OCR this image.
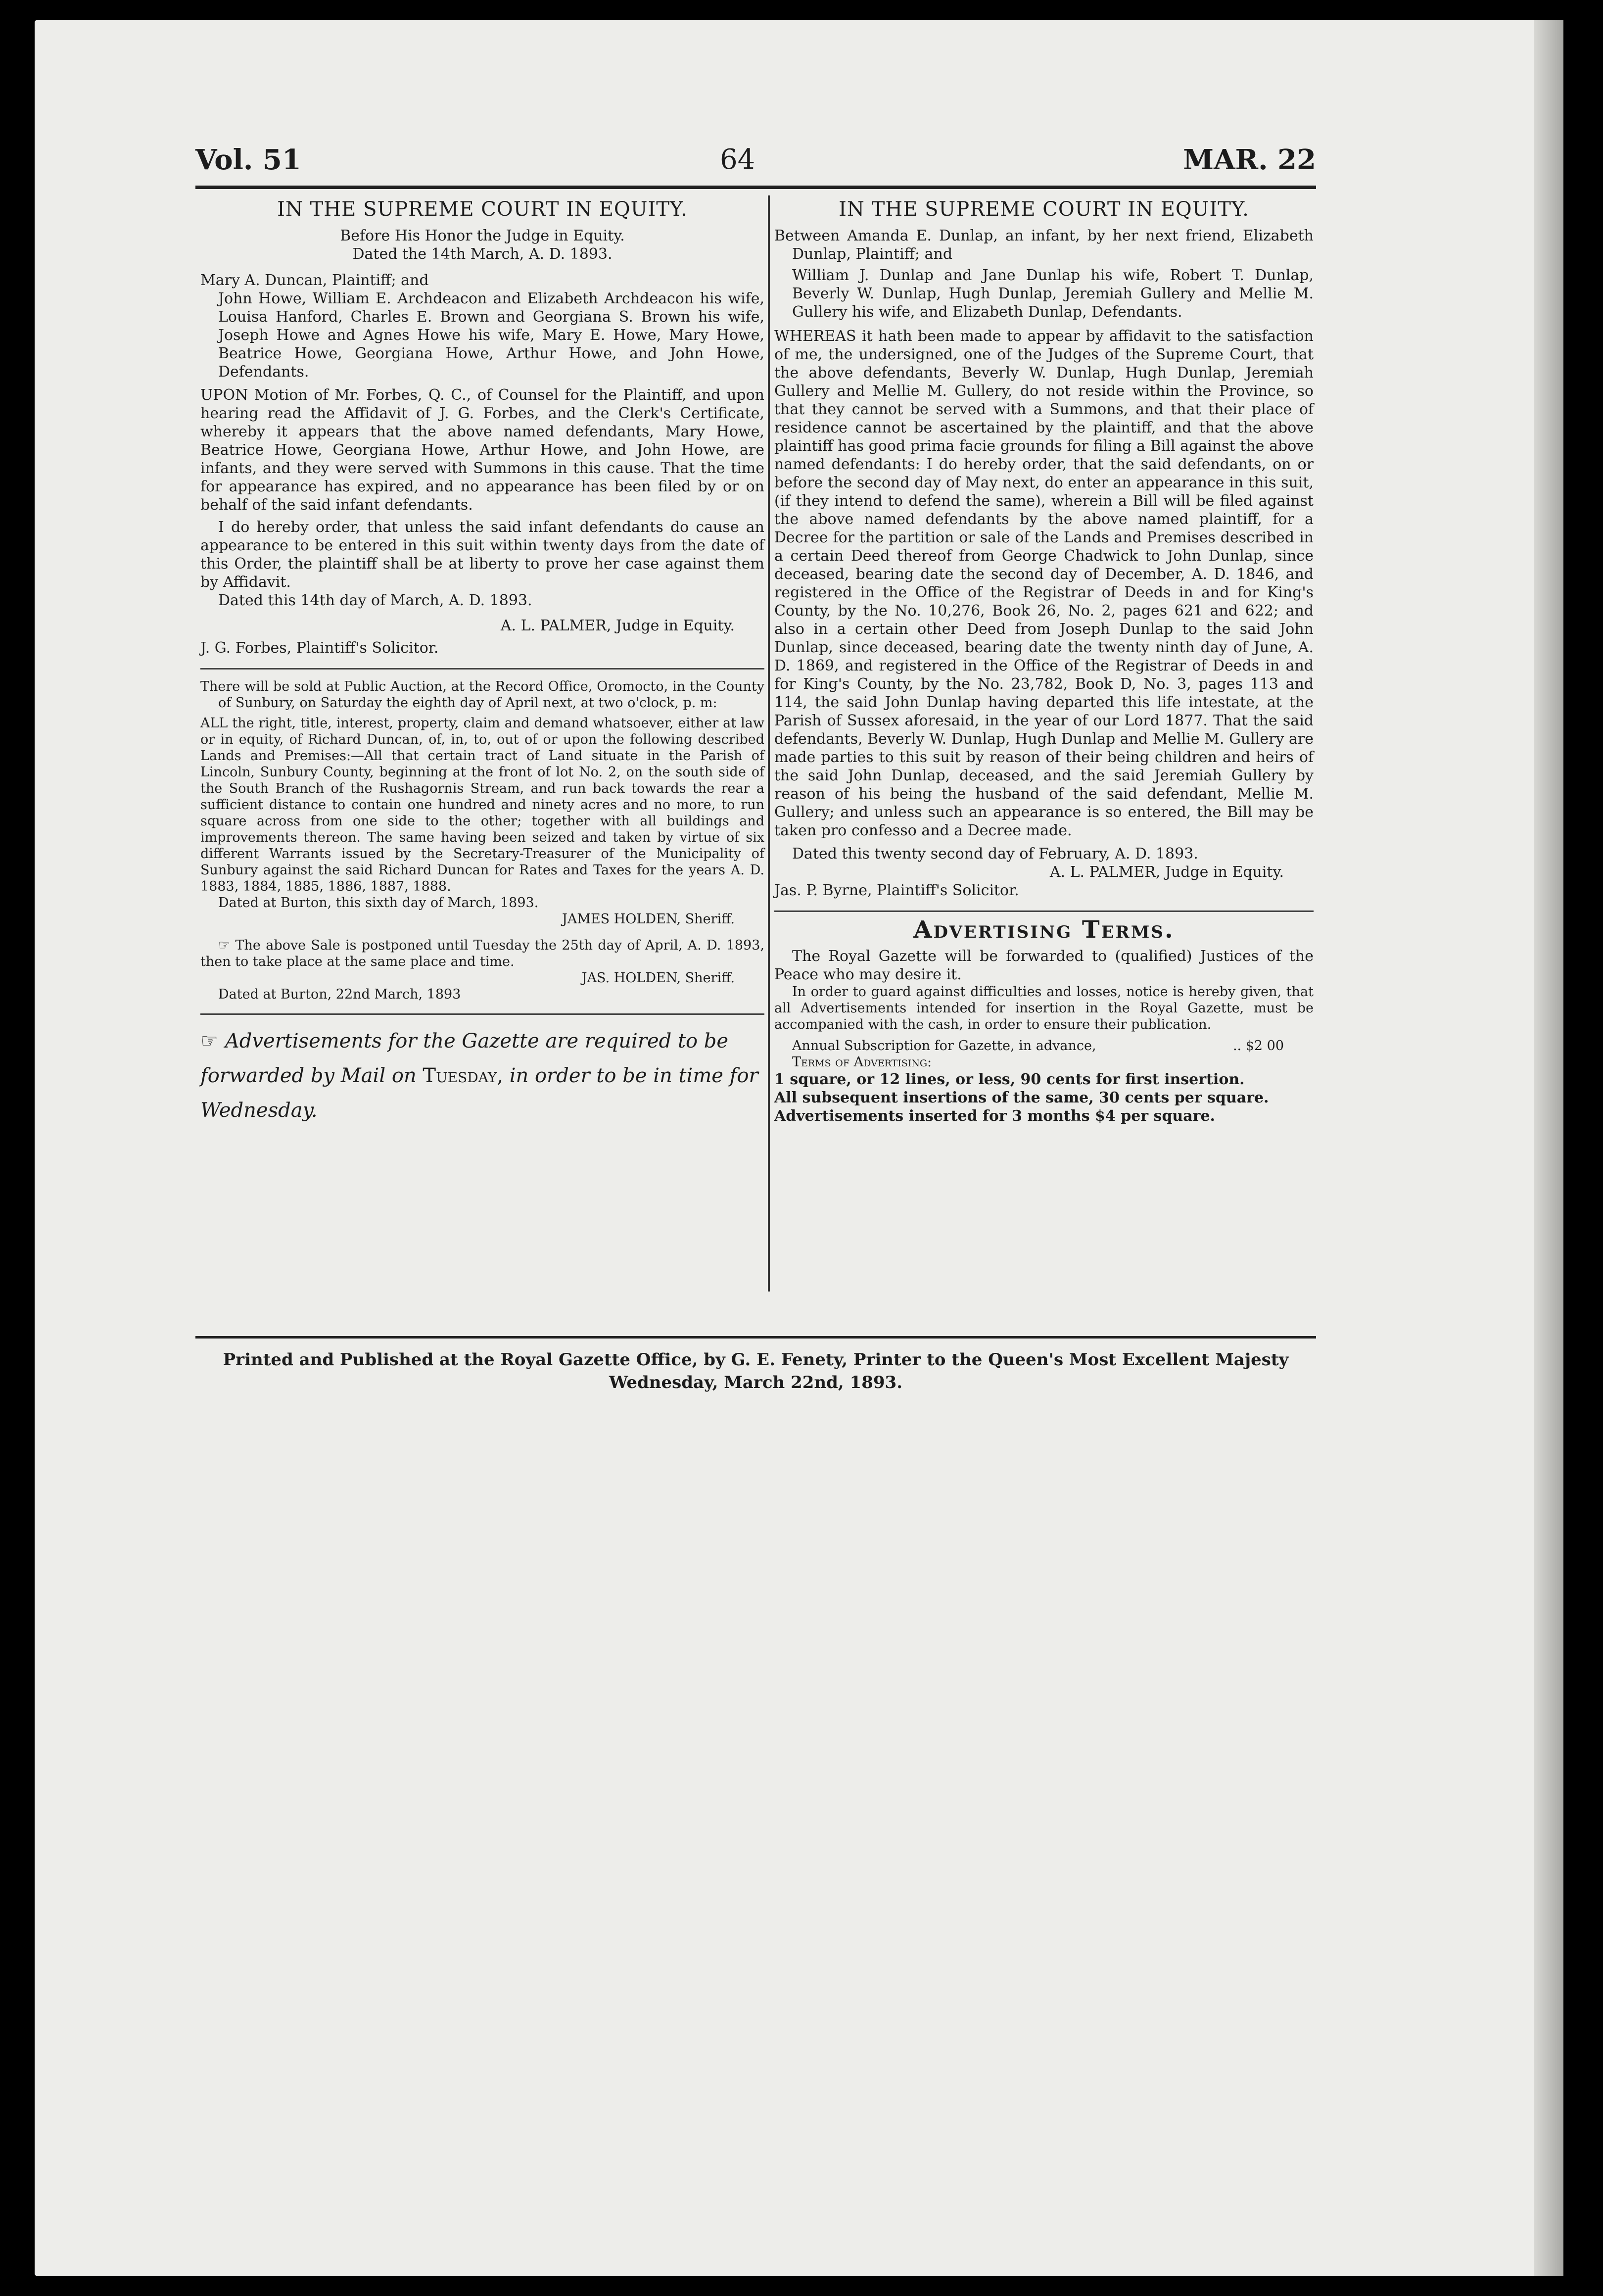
Vol. 51	64	MAR. 22

IN THE SUPREME COURT IN EQUITY.

Before His Honor the Judge in Equity.

Dated the 14th March, A. D. 1893.

Mary A. Duncan, Plaintiff; and

John Howe, William E. Archdeacon and Elizabeth Archdeacon his wife, Louisa Hanford, Charles E. Brown and Georgiana S. Brown his wife, Joseph Howe and Agnes Howe his wife, Mary E. Howe, Mary Howe, Beatrice Howe, Georgiana Howe, Arthur Howe, and John Howe, Defendants.

UPON Motion of Mr. Forbes, Q. C., of Counsel for the Plaintiff, and upon hearing read the Affidavit of J. G. Forbes, and the Clerk's Certificate, whereby it appears that the above named defendants, Mary Howe, Beatrice Howe, Georgiana Howe, Arthur Howe, and John Howe, are infants, and they were served with Summons in this cause. That the time for appearance has expired, and no appearance has been filed by or on behalf of the said infant defendants.

I do hereby order, that unless the said infant defendants do cause an appearance to be entered in this suit within twenty days from the date of this Order, the plaintiff shall be at liberty to prove her case against them by Affidavit.

Dated this 14th day of March, A. D. 1893.

A. L. PALMER, Judge in Equity.

J. G. Forbes, Plaintiff's Solicitor.

There will be sold at Public Auction, at the Record Office, Oromocto, in the County of Sunbury, on Saturday the eighth day of April next, at two o'clock, p. m:

ALL the right, title, interest, property, claim and demand whatsoever, either at law or in equity, of Richard Duncan, of, in, to, out of or upon the following described Lands and Premises:—All that certain tract of Land situate in the Parish of Lincoln, Sunbury County, beginning at the front of lot No. 2, on the south side of the South Branch of the Rushagornis Stream, and run back towards the rear a sufficient distance to contain one hundred and ninety acres and no more, to run square across from one side to the other; together with all buildings and improvements thereon. The same having been seized and taken by virtue of six different Warrants issued by the Secretary-Treasurer of the Municipality of Sunbury against the said Richard Duncan for Rates and Taxes for the years A. D. 1883, 1884, 1885, 1886, 1887, 1888.

Dated at Burton, this sixth day of March, 1893.

JAMES HOLDEN, Sheriff.

☞ The above Sale is postponed until Tuesday the 25th day of April, A. D. 1893, then to take place at the same place and time.

JAS. HOLDEN, Sheriff.

Dated at Burton, 22nd March, 1893

☞ Advertisements for the Gazette are required to be forwarded by Mail on Tuesday, in order to be in time for Wednesday.

IN THE SUPREME COURT IN EQUITY.

Between Amanda E. Dunlap, an infant, by her next friend, Elizabeth Dunlap, Plaintiff; and

William J. Dunlap and Jane Dunlap his wife, Robert T. Dunlap, Beverly W. Dunlap, Hugh Dunlap, Jeremiah Gullery and Mellie M. Gullery his wife, and Elizabeth Dunlap, Defendants.

WHEREAS it hath been made to appear by affidavit to the satisfaction of me, the undersigned, one of the Judges of the Supreme Court, that the above defendants, Beverly W. Dunlap, Hugh Dunlap, Jeremiah Gullery and Mellie M. Gullery, do not reside within the Province, so that they cannot be served with a Summons, and that their place of residence cannot be ascertained by the plaintiff, and that the above plaintiff has good prima facie grounds for filing a Bill against the above named defendants: I do hereby order, that the said defendants, on or before the second day of May next, do enter an appearance in this suit, (if they intend to defend the same), wherein a Bill will be filed against the above named defendants by the above named plaintiff, for a Decree for the partition or sale of the Lands and Premises described in a certain Deed thereof from George Chadwick to John Dunlap, since deceased, bearing date the second day of December, A. D. 1846, and registered in the Office of the Registrar of Deeds in and for King's County, by the No. 10,276, Book 26, No. 2, pages 621 and 622; and also in a certain other Deed from Joseph Dunlap to the said John Dunlap, since deceased, bearing date the twenty ninth day of June, A. D. 1869, and registered in the Office of the Registrar of Deeds in and for King's County, by the No. 23,782, Book D, No. 3, pages 113 and 114, the said John Dunlap having departed this life intestate, at the Parish of Sussex aforesaid, in the year of our Lord 1877. That the said defendants, Beverly W. Dunlap, Hugh Dunlap and Mellie M. Gullery are made parties to this suit by reason of their being children and heirs of the said John Dunlap, deceased, and the said Jeremiah Gullery by reason of his being the husband of the said defendant, Mellie M. Gullery; and unless such an appearance is so entered, the Bill may be taken pro confesso and a Decree made.

Dated this twenty second day of February, A. D. 1893.

A. L. PALMER, Judge in Equity.

Jas. P. Byrne, Plaintiff's Solicitor.

Advertising Terms.

The Royal Gazette will be forwarded to (qualified) Justices of the Peace who may desire it.

In order to guard against difficulties and losses, notice is hereby given, that all Advertisements intended for insertion in the Royal Gazette, must be accompanied with the cash, in order to ensure their publication.

Annual Subscription for Gazette, in advance,	.. $2 00

Terms of Advertising:

1 square, or 12 lines, or less, 90 cents for first insertion.

All subsequent insertions of the same, 30 cents per square.

Advertisements inserted for 3 months $4 per square.

Printed and Published at the Royal Gazette Office, by G. E. Fenety, Printer to the Queen's Most Excellent Majesty
Wednesday, March 22nd, 1893.
